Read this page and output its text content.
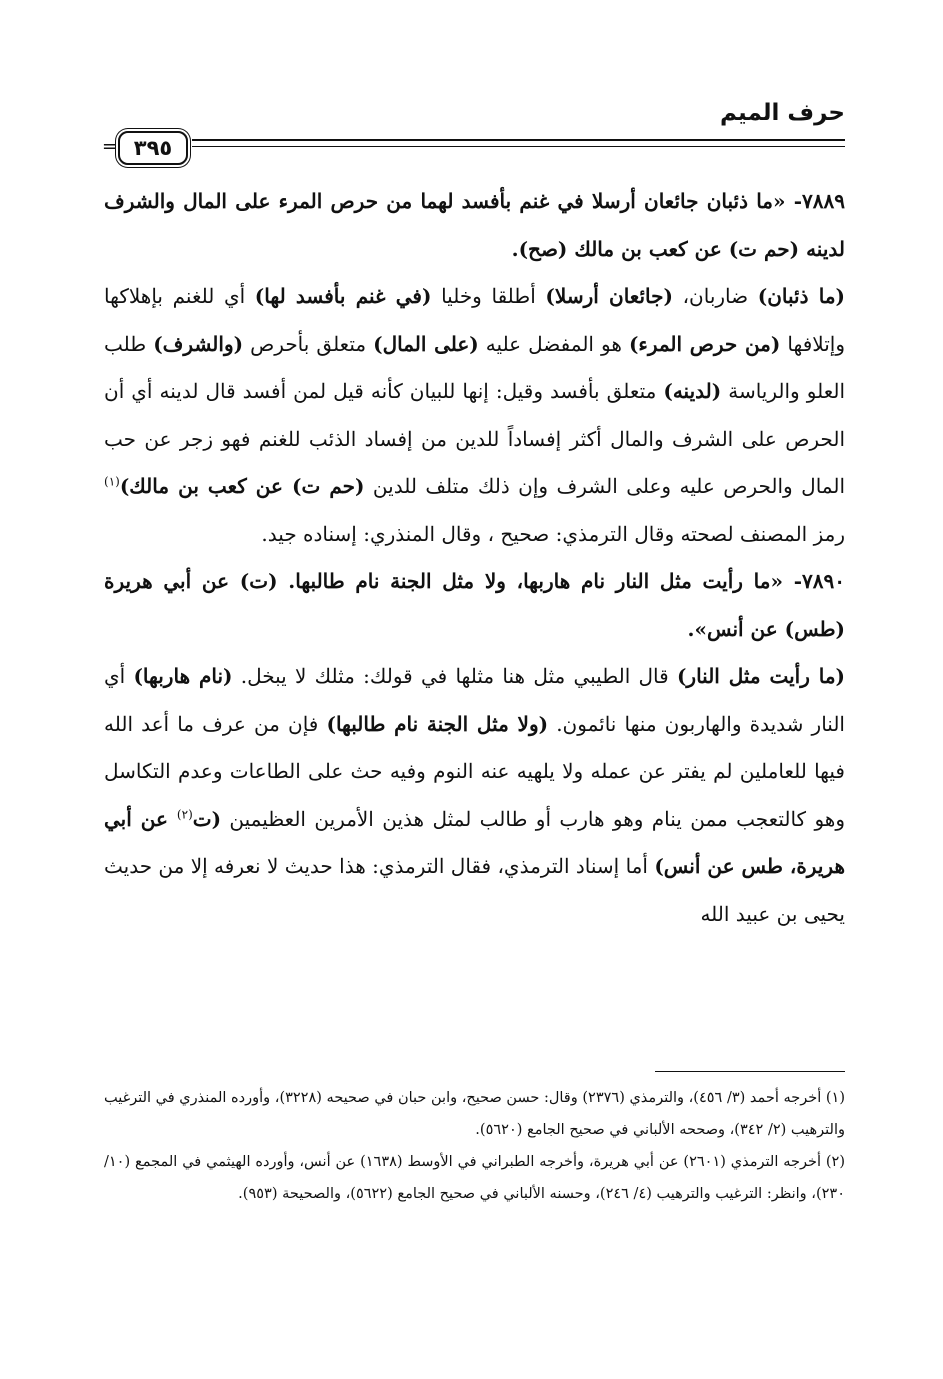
حرف الميم
= ٣٩٥

٧٨٨٩- «ما ذئبان جائعان أرسلا في غنم بأفسد لهما من حرص المرء على المال والشرف لدينه (حم ت) عن كعب بن مالك (صح).

(ما ذئبان) ضاربان، (جائعان أرسلا) أطلقا وخليا (في غنم بأفسد لها) أي للغنم بإهلاكها وإتلافها (من حرص المرء) هو المفضل عليه (على المال) متعلق بأحرص (والشرف) طلب العلو والرياسة (لدينه) متعلق بأفسد وقيل: إنها للبيان كأنه قيل لمن أفسد قال لدينه أي أن الحرص على الشرف والمال أكثر إفساداً للدين من إفساد الذئب للغنم فهو زجر عن حب المال والحرص عليه وعلى الشرف وإن ذلك متلف للدين (حم ت) عن كعب بن مالك)$^{(١)}$ رمز المصنف لصحته وقال الترمذي: صحيح ، وقال المنذري: إسناده جيد.

٧٨٩٠- «ما رأيت مثل النار نام هاربها، ولا مثل الجنة نام طالبها. (ت) عن أبي هريرة (طس) عن أنس».

(ما رأيت مثل النار) قال الطيبي مثل هنا مثلها في قولك: مثلك لا يبخل. (نام هاربها) أي النار شديدة والهاربون منها نائمون. (ولا مثل الجنة نام طالبها) فإن من عرف ما أعد الله فيها للعاملين لم يفتر عن عمله ولا يلهيه عنه النوم وفيه حث على الطاعات وعدم التكاسل وهو كالتعجب ممن ينام وهو هارب أو طالب لمثل هذين الأمرين العظيمين (ت$^{(٢)}$ عن أبي هريرة، طس عن أنس) أما إسناد الترمذي، فقال الترمذي: هذا حديث لا نعرفه إلا من حديث يحيى بن عبيد الله

(١) أخرجه أحمد (٣/ ٤٥٦)، والترمذي (٢٣٧٦) وقال: حسن صحيح، وابن حبان في صحيحه (٣٢٢٨)، وأورده المنذري في الترغيب والترهيب (٢/ ٣٤٢)، وصححه الألباني في صحيح الجامع (٥٦٢٠).

(٢) أخرجه الترمذي (٢٦٠١) عن أبي هريرة، وأخرجه الطبراني في الأوسط (١٦٣٨) عن أنس، وأورده الهيثمي في المجمع (١٠/ ٢٣٠)، وانظر: الترغيب والترهيب (٤/ ٢٤٦)، وحسنه الألباني في صحيح الجامع (٥٦٢٢)، والصحيحة (٩٥٣).
